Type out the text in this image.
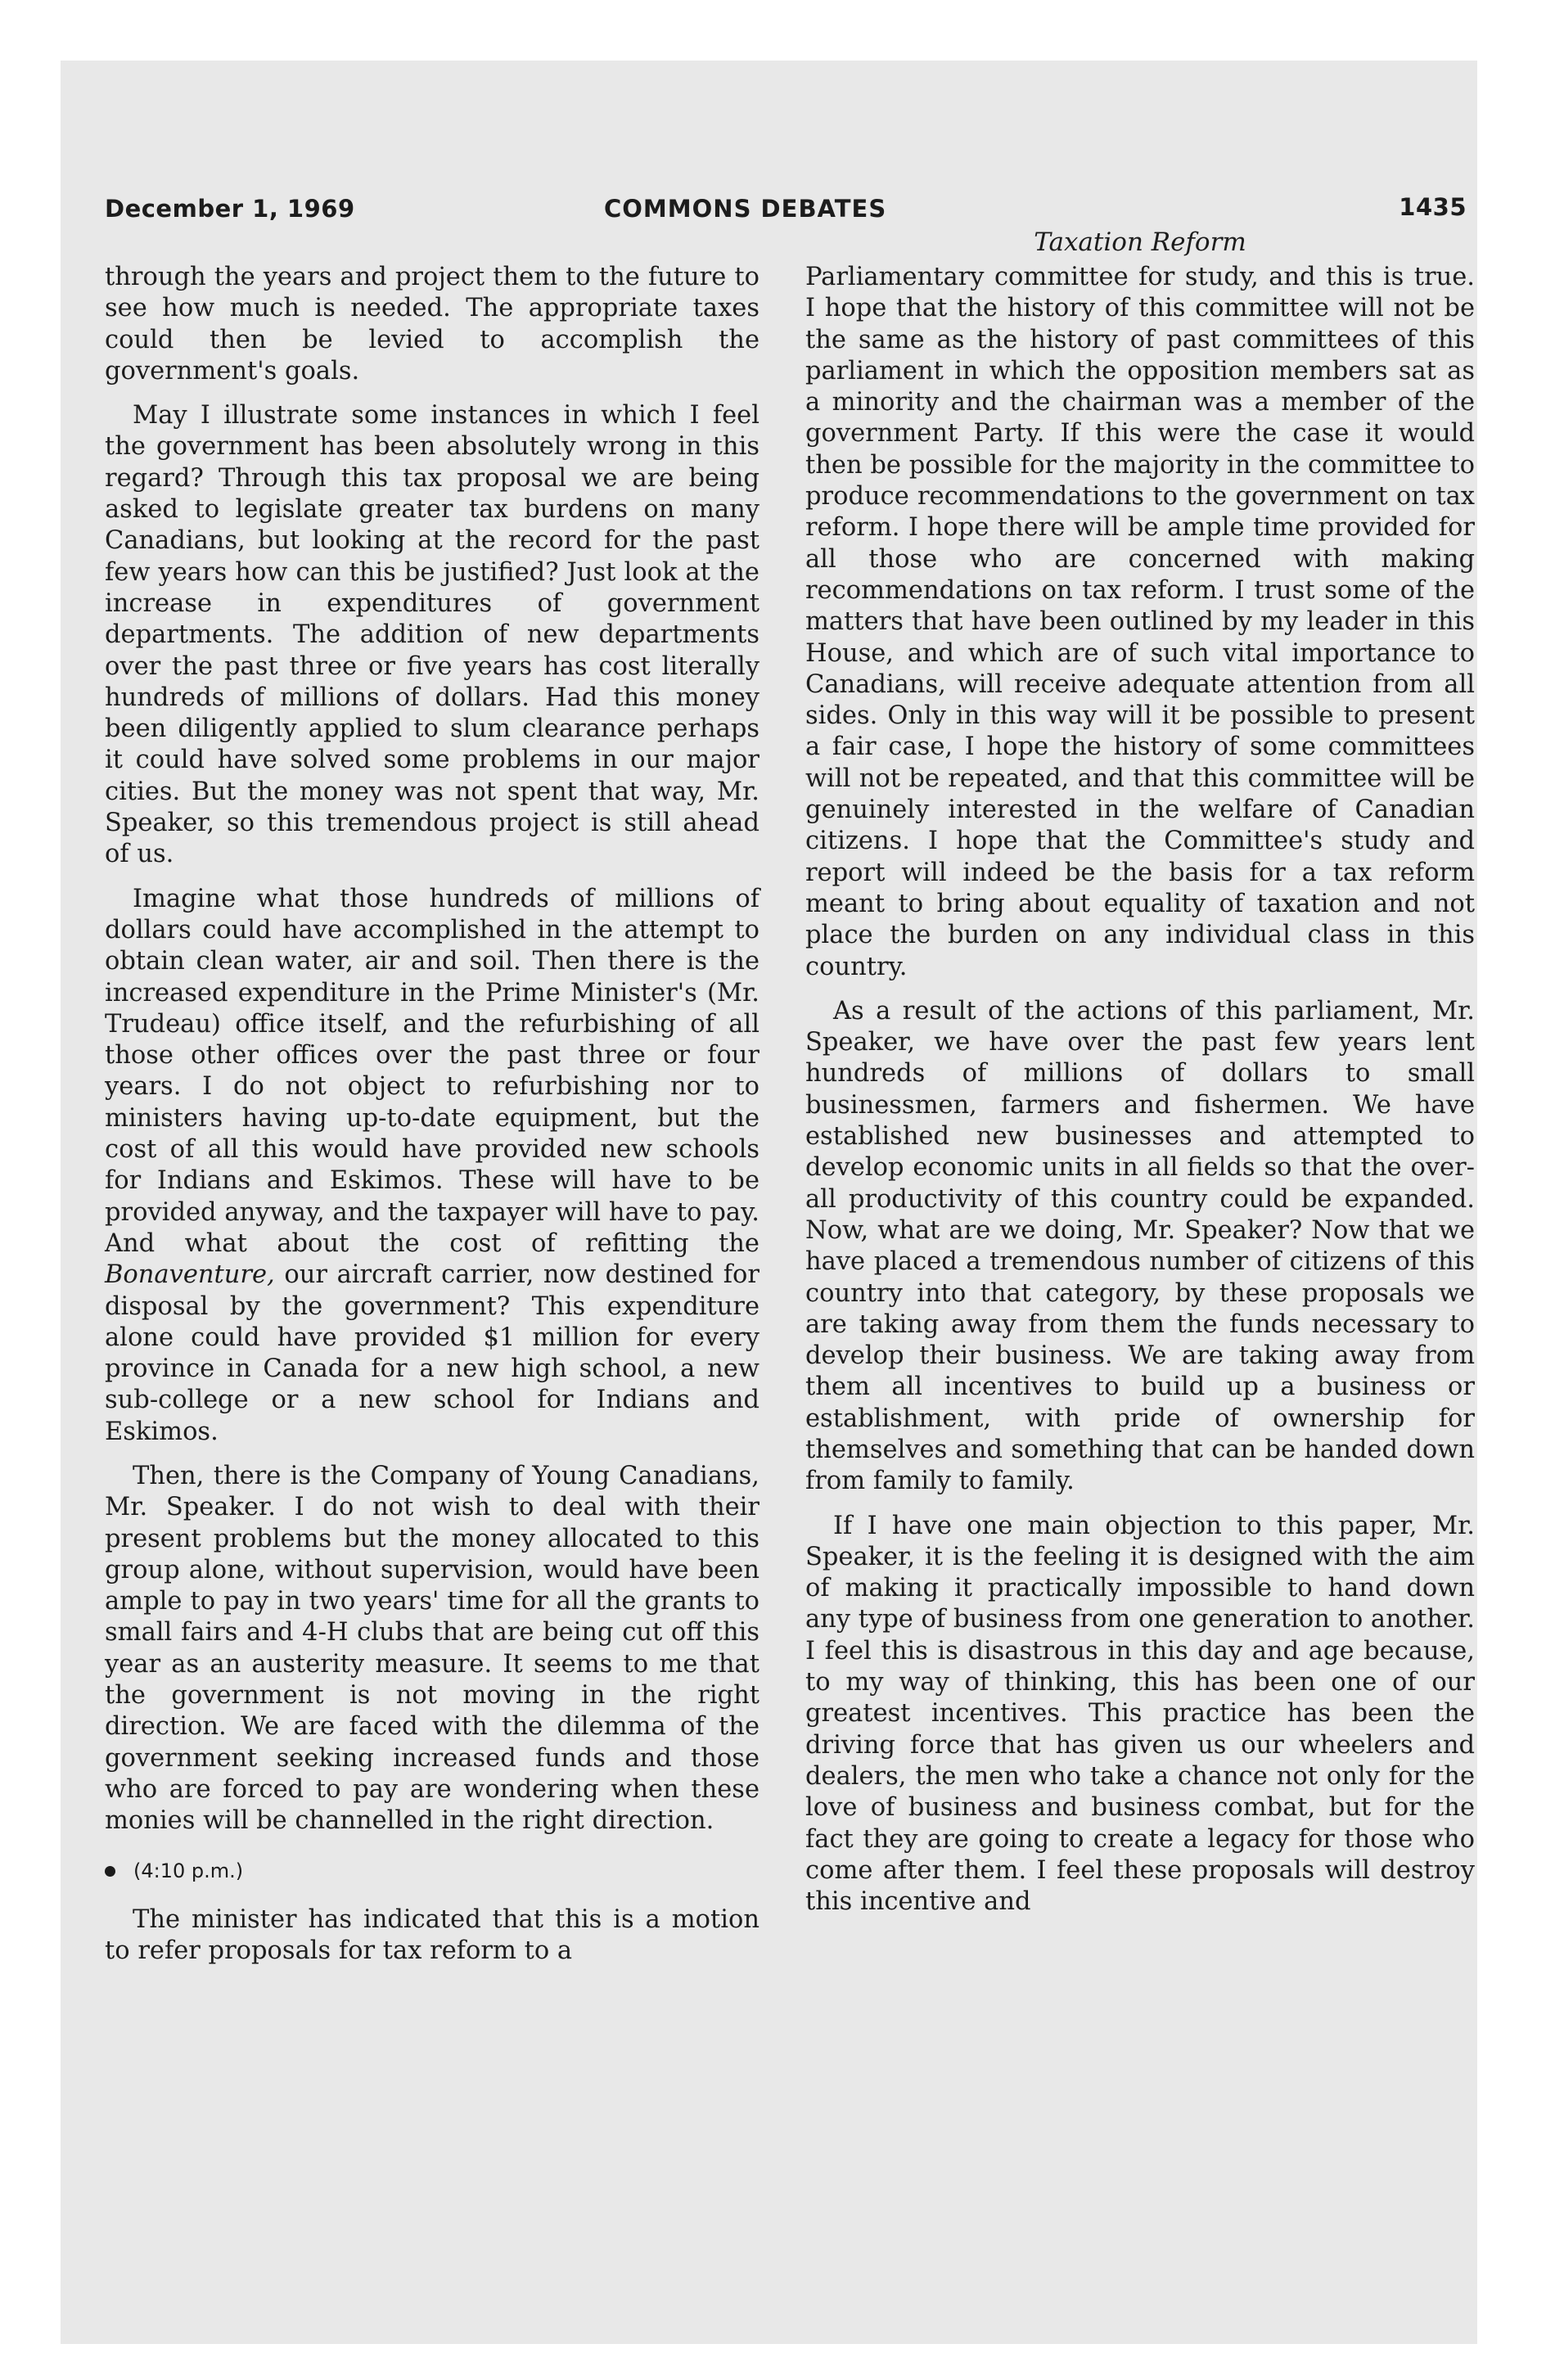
December 1, 1969	COMMONS DEBATES	1435

through the years and project them to the future to see how much is needed. The appropriate taxes could then be levied to accomplish the government's goals.

May I illustrate some instances in which I feel the government has been absolutely wrong in this regard? Through this tax proposal we are being asked to legislate greater tax burdens on many Canadians, but looking at the record for the past few years how can this be justified? Just look at the increase in expenditures of government departments. The addition of new departments over the past three or five years has cost literally hundreds of millions of dollars. Had this money been diligently applied to slum clearance perhaps it could have solved some problems in our major cities. But the money was not spent that way, Mr. Speaker, so this tremendous project is still ahead of us.

Imagine what those hundreds of millions of dollars could have accomplished in the attempt to obtain clean water, air and soil. Then there is the increased expenditure in the Prime Minister's (Mr. Trudeau) office itself, and the refurbishing of all those other offices over the past three or four years. I do not object to refurbishing nor to ministers having up-to-date equipment, but the cost of all this would have provided new schools for Indians and Eskimos. These will have to be provided anyway, and the taxpayer will have to pay. And what about the cost of refitting the Bonaventure, our aircraft carrier, now destined for disposal by the government? This expenditure alone could have provided $1 million for every province in Canada for a new high school, a new sub-college or a new school for Indians and Eskimos.

Then, there is the Company of Young Canadians, Mr. Speaker. I do not wish to deal with their present problems but the money allocated to this group alone, without supervision, would have been ample to pay in two years' time for all the grants to small fairs and 4-H clubs that are being cut off this year as an austerity measure. It seems to me that the government is not moving in the right direction. We are faced with the dilemma of the government seeking increased funds and those who are forced to pay are wondering when these monies will be channelled in the right direction.

(4:10 p.m.)

The minister has indicated that this is a motion to refer proposals for tax reform to a

Taxation Reform

Parliamentary committee for study, and this is true. I hope that the history of this committee will not be the same as the history of past committees of this parliament in which the opposition members sat as a minority and the chairman was a member of the government Party. If this were the case it would then be possible for the majority in the committee to produce recommendations to the government on tax reform. I hope there will be ample time provided for all those who are concerned with making recommendations on tax reform. I trust some of the matters that have been outlined by my leader in this House, and which are of such vital importance to Canadians, will receive adequate attention from all sides. Only in this way will it be possible to present a fair case, I hope the history of some committees will not be repeated, and that this committee will be genuinely interested in the welfare of Canadian citizens. I hope that the Committee's study and report will indeed be the basis for a tax reform meant to bring about equality of taxation and not place the burden on any individual class in this country.

As a result of the actions of this parliament, Mr. Speaker, we have over the past few years lent hundreds of millions of dollars to small businessmen, farmers and fishermen. We have established new businesses and attempted to develop economic units in all fields so that the over-all productivity of this country could be expanded. Now, what are we doing, Mr. Speaker? Now that we have placed a tremendous number of citizens of this country into that category, by these proposals we are taking away from them the funds necessary to develop their business. We are taking away from them all incentives to build up a business or establishment, with pride of ownership for themselves and something that can be handed down from family to family.

If I have one main objection to this paper, Mr. Speaker, it is the feeling it is designed with the aim of making it practically impossible to hand down any type of business from one generation to another. I feel this is disastrous in this day and age because, to my way of thinking, this has been one of our greatest incentives. This practice has been the driving force that has given us our wheelers and dealers, the men who take a chance not only for the love of business and business combat, but for the fact they are going to create a legacy for those who come after them. I feel these proposals will destroy this incentive and
